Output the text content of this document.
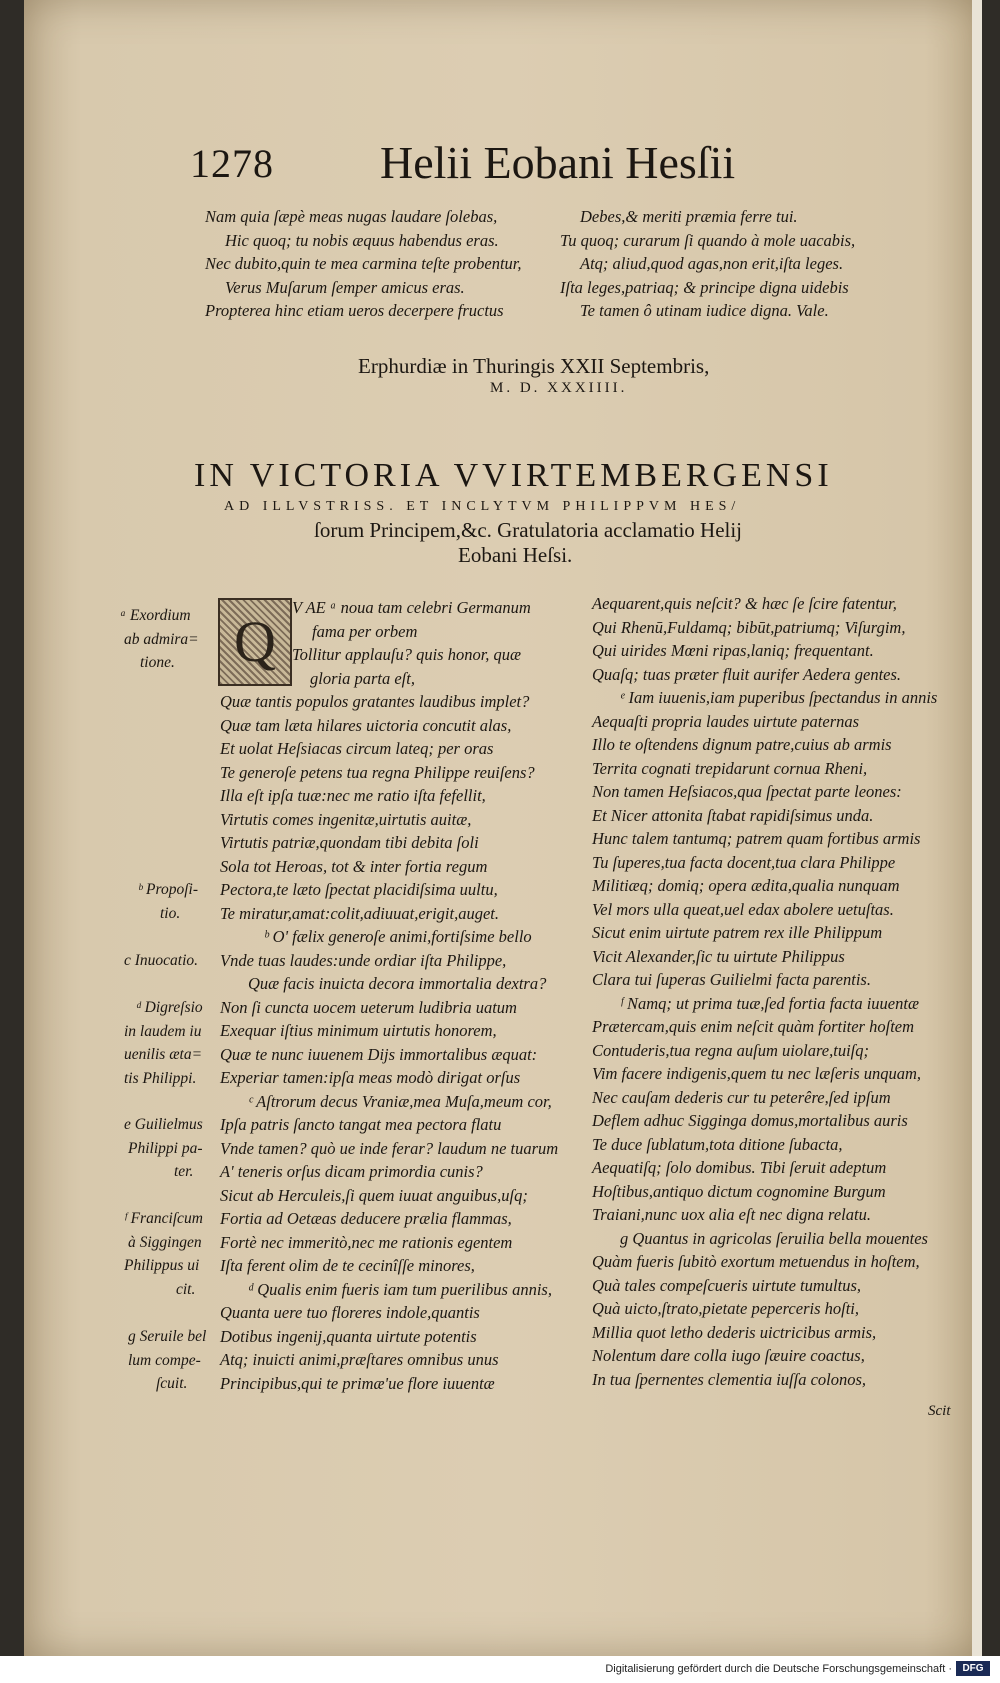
1278 Helii Eobani Hesſii
Nam quia ſæpè meas nugas laudare ſolebas,
Hic quoq; tu nobis æquus habendus eras.
Nec dubito,quin te mea carmina teſte probentur,
Verus Muſarum ſemper amicus eras.
Propterea hinc etiam ueros decerpere fructus
Debes,& meriti præmia ferre tui.
Tu quoq; curarum ſi quando à mole uacabis,
Atq; aliud,quod agas,non erit,iſta leges.
Iſta leges,patriaq; & principe digna uidebis
Te tamen ô utinam iudice digna. Vale.
Erphurdiæ in Thuringis XXII Septembris,
M. D. XXXIIII.
IN VICTORIA VVIRTEMBERGENSI
AD ILLVSTRISS. ET INCLYTVM PHILIPPVM HES/
ſorum Principem,&c. Gratulatoria acclamatio Helij
Eobani Heſsi.
Q
ᵃ Exordium
ab admira=
tione.
ᵇ Propoſi-
tio.
c Inuocatio.
ᵈ Digreſsio
in laudem iu
uenilis ætа=
tis Philippi.
e Guilielmus
Philippi pa-
ter.
ᶠ Franciſcum
à Siggingen
Philippus ui
cit.
g Seruile bel
lum compe-
ſcuit.
V AE ᵃ noua tam celebri Germanum
fama per orbem
Tollitur applauſu? quis honor, quæ
gloria parta eſt,
Quæ tantis populos gratantes laudibus implet?
Quæ tam læta hilares uictoria concutit alas,
Et uolat Heſsiacas circum lateq; per oras
Te generoſe petens tua regna Philippe reuiſens?
Illa eſt ipſa tuæ:nec me ratio iſta fefellit,
Virtutis comes ingenitæ,uirtutis auitæ,
Virtutis patriæ,quondam tibi debita ſoli
Sola tot Heroas, tot & inter fortia regum
Pectora,te læto ſpectat placidiſsima uultu,
Te miratur,amat:colit,adiuuat,erigit,auget.
ᵇ O' fælix generoſe animi,fortiſsime bello
Vnde tuas laudes:unde ordiar iſta Philippe,
Quæ facis inuicta decora immortalia dextra?
Non ſi cuncta uocem ueterum ludibria uatum
Exequar iſtius minimum uirtutis honorem,
Quæ te nunc iuuenem Dijs immortalibus æquat:
Experiar tamen:ipſa meas modò dirigat orſus
ᶜ Aſtrorum decus Vraniæ,mea Muſa,meum cor,
Ipſa patris ſancto tangat mea pectora flatu
Vnde tamen? quò ue inde ferar? laudum ne tuarum
A' teneris orſus dicam primordia cunis?
Sicut ab Herculeis,ſi quem iuuat anguibus,uſq;
Fortia ad Oetæas deducere prælia flammas,
Fortè nec immeritò,nec me rationis egentem
Iſta ferent olim de te cecinîſſe minores,
ᵈ Qualis enim fueris iam tum puerilibus annis,
Quanta uere tuo floreres indole,quantis
Dotibus ingenij,quanta uirtute potentis
Atq; inuicti animi,præſtares omnibus unus
Principibus,qui te primæ'ue flore iuuentæ
Aequarent,quis neſcit? & hæc ſe ſcire fatentur,
Qui Rhenū,Fuldamq; bibūt,patriumq; Viſurgim,
Qui uirides Mœni ripas,laniq; frequentant.
Quaſq; tuas præter fluit aurifer Aedera gentes.
ᵉ Iam iuuenis,iam puperibus ſpectandus in annis
Aequaſti propria laudes uirtute paternas
Illo te oſtendens dignum patre,cuius ab armis
Territa cognati trepidarunt cornua Rheni,
Non tamen Heſsiacos,qua ſpectat parte leones:
Et Nicer attonita ſtabat rapidiſsimus unda.
Hunc talem tantumq; patrem quam fortibus armis
Tu ſuperes,tua facta docent,tua clara Philippe
Militiæq; domiq; opera ædita,qualia nunquam
Vel mors ulla queat,uel edax abolere uetuſtas.
Sicut enim uirtute patrem rex ille Philippum
Vicit Alexander,ſic tu uirtute Philippus
Clara tui ſuperas Guilielmi facta parentis.
ᶠ Namq; ut prima tuæ,ſed fortia facta iuuentæ
Prætercam,quis enim neſcit quàm fortiter hoſtem
Contuderis,tua regna auſum uiolare,tuiſq;
Vim facere indigenis,quem tu nec læſeris unquam,
Nec cauſam dederis cur tu peterêre,ſed ipſum
Defleт adhuc Siggingа domus,mortalibus auris
Te duce ſublatum,tota ditione ſubacta,
Aequatiſq; ſolo domibus. Tibi ſeruit adeptum
Hoſtibus,antiquo dictum cognomine Burgum
Traiani,nunc uox alia eſt nec digna relatu.
g Quantus in agricolas ſeruilia bella mouentes
Quàm fueris ſubitò exortum metuendus in hoſtem,
Quà tales compeſcueris uirtute tumultus,
Quà uicto,ſtrato,pietate peperceris hoſti,
Millia quot letho dederis uictricibus armis,
Nolentum dare colla iugo ſæuire coactus,
In tua ſpernentes clementia iuſſa colonos,
Scit
Digitalisierung gefördert durch die Deutsche Forschungsgemeinschaft ·	DFG
